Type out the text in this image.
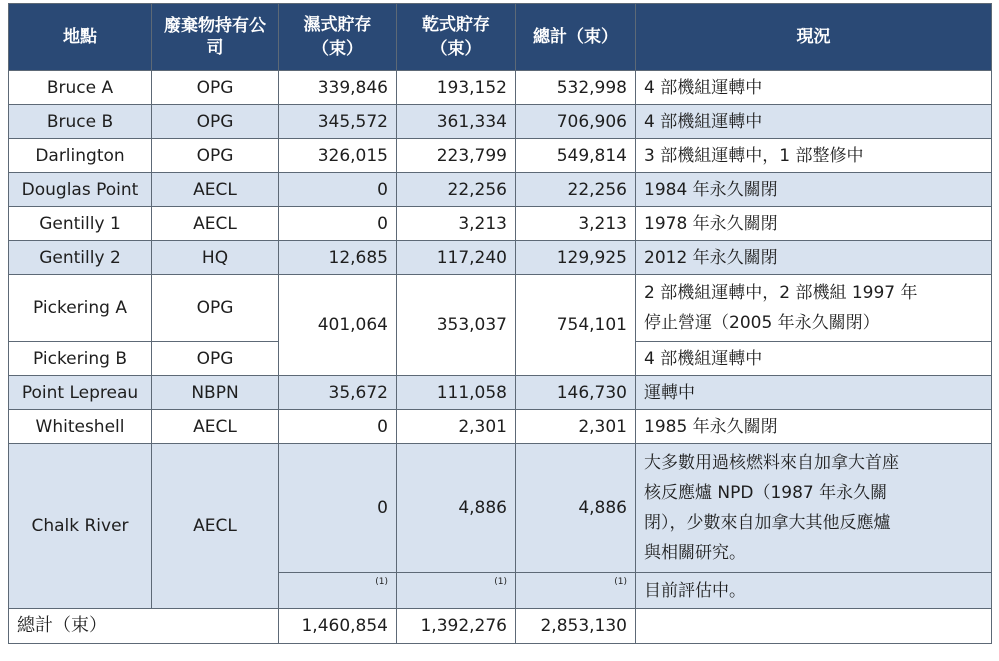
地點	廢棄物持有公司	濕式貯存（束）	乾式貯存（束）	總計（束）	現況
Bruce A	OPG	339,846	193,152	532,998	4 部機組運轉中
Bruce B	OPG	345,572	361,334	706,906	4 部機組運轉中
Darlington	OPG	326,015	223,799	549,814	3 部機組運轉中，1 部整修中
Douglas Point	AECL	0	22,256	22,256	1984 年永久關閉
Gentilly 1	AECL	0	3,213	3,213	1978 年永久關閉
Gentilly 2	HQ	12,685	117,240	129,925	2012 年永久關閉
Pickering A	OPG	401,064	353,037	754,101	2 部機組運轉中，2 部機組 1997 年
停止營運（2005 年永久關閉）

Pickering B	OPG				4 部機組運轉中
Point Lepreau	NBPN	35,672	111,058	146,730	運轉中
Whiteshell	AECL	0	2,301	2,301	1985 年永久關閉
Chalk River	AECL	0	4,886	4,886	大多數用過核燃料來自加拿大首座
核反應爐 NPD（1987 年永久關
閉），少數來自加拿大其他反應爐
與相關研究。

		(1)	(1)	(1)	目前評估中。
總計（束）		1,460,854	1,392,276	2,853,130	
